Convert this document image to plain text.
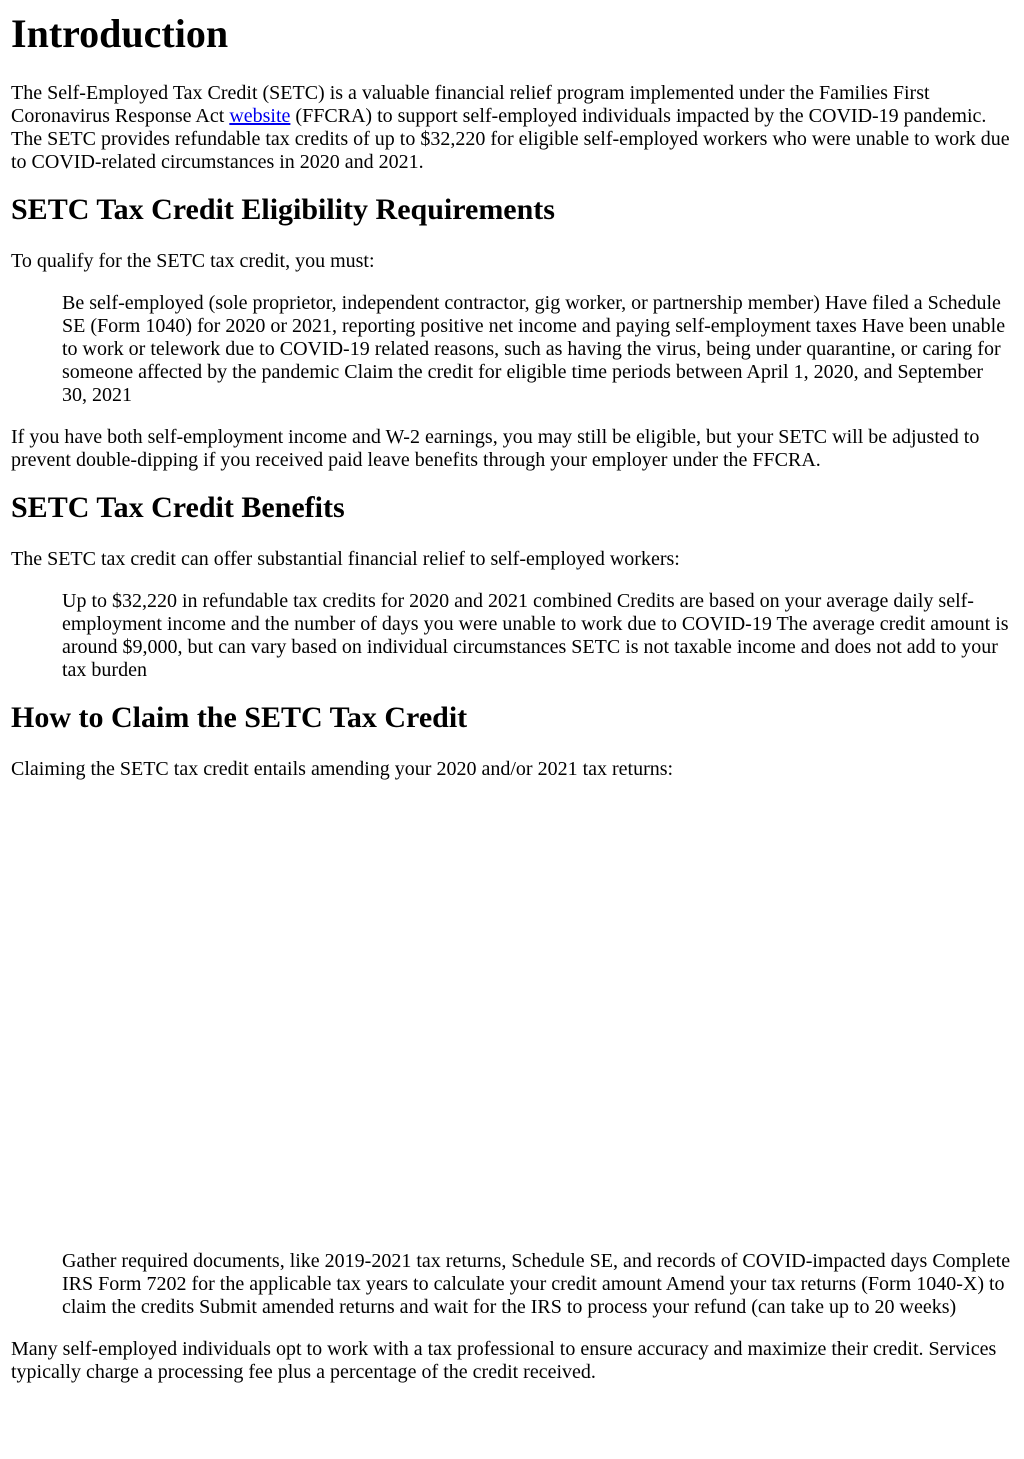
Introduction

The Self-Employed Tax Credit (SETC) is a valuable financial relief program implemented under the Families First Coronavirus Response Act website (FFCRA) to support self-employed individuals impacted by the COVID-19 pandemic. The SETC provides refundable tax credits of up to $32,220 for eligible self-employed workers who were unable to work due to COVID-related circumstances in 2020 and 2021.

SETC Tax Credit Eligibility Requirements

To qualify for the SETC tax credit, you must:

Be self-employed (sole proprietor, independent contractor, gig worker, or partnership member) Have filed a Schedule SE (Form 1040) for 2020 or 2021, reporting positive net income and paying self-employment taxes Have been unable to work or telework due to COVID-19 related reasons, such as having the virus, being under quarantine, or caring for someone affected by the pandemic Claim the credit for eligible time periods between April 1, 2020, and September 30, 2021

If you have both self-employment income and W-2 earnings, you may still be eligible, but your SETC will be adjusted to prevent double-dipping if you received paid leave benefits through your employer under the FFCRA.

SETC Tax Credit Benefits

The SETC tax credit can offer substantial financial relief to self-employed workers:

Up to $32,220 in refundable tax credits for 2020 and 2021 combined Credits are based on your average daily self-employment income and the number of days you were unable to work due to COVID-19 The average credit amount is around $9,000, but can vary based on individual circumstances SETC is not taxable income and does not add to your tax burden
How to Claim the SETC Tax Credit

Claiming the SETC tax credit entails amending your 2020 and/or 2021 tax returns:

Gather required documents, like 2019-2021 tax returns, Schedule SE, and records of COVID-impacted days Complete IRS Form 7202 for the applicable tax years to calculate your credit amount Amend your tax returns (Form 1040-X) to claim the credits Submit amended returns and wait for the IRS to process your refund (can take up to 20 weeks)

Many self-employed individuals opt to work with a tax professional to ensure accuracy and maximize their credit. Services typically charge a processing fee plus a percentage of the credit received.
